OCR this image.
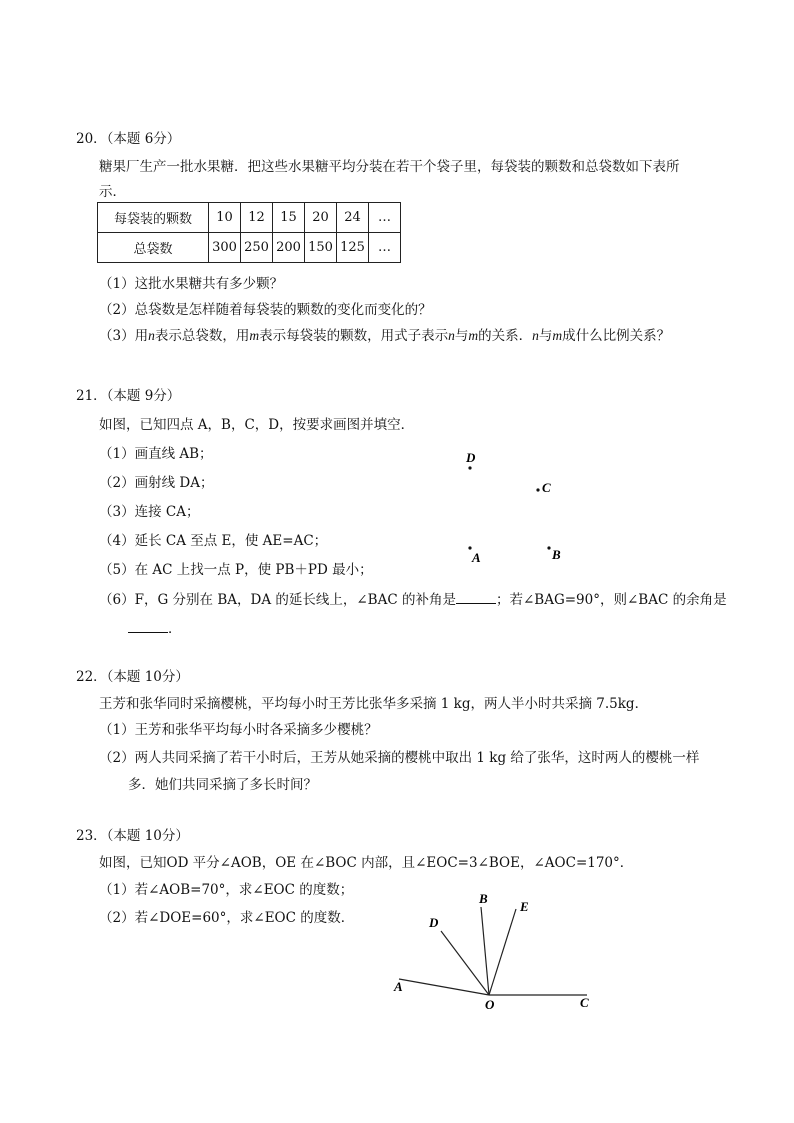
20．（本题 6分）
糖果厂生产一批水果糖．把这些水果糖平均分装在若干个袋子里，每袋装的颗数和总袋数如下表所
示．
每袋装的颗数	10	12	15	20	24	…
总袋数	300	250	200	150	125	…
（1）这批水果糖共有多少颗？
（2）总袋数是怎样随着每袋装的颗数的变化而变化的？
（3）用n表示总袋数，用m表示每袋装的颗数，用式子表示n与m的关系．n与m成什么比例关系？
21．（本题 9分）
如图，已知四点 A，B，C，D，按要求画图并填空．
（1）画直线 AB；
（2）画射线 DA；
（3）连接 CA；
（4）延长 CA 至点 E，使 AE=AC；
（5）在 AC 上找一点 P，使 PB＋PD 最小；
（6）F，G 分别在 BA，DA 的延长线上，∠BAC 的补角是	；若∠BAG=90°，则∠BAC 的余角是
．
D
C
A	B
22．（本题 10分）
王芳和张华同时采摘樱桃，平均每小时王芳比张华多采摘 1 kg，两人半小时共采摘 7.5kg．
（1）王芳和张华平均每小时各采摘多少樱桃？
（2）两人共同采摘了若干小时后，王芳从她采摘的樱桃中取出 1 kg 给了张华，这时两人的樱桃一样
多．她们共同采摘了多长时间？
23．（本题 10分）
如图，已知OD 平分∠AOB，OE 在∠BOC 内部，且∠EOC=3∠BOE，∠AOC=170°．
（1）若∠AOB=70°，求∠EOC 的度数；
（2）若∠DOE=60°，求∠EOC 的度数．
A
O	C
D
B
E
